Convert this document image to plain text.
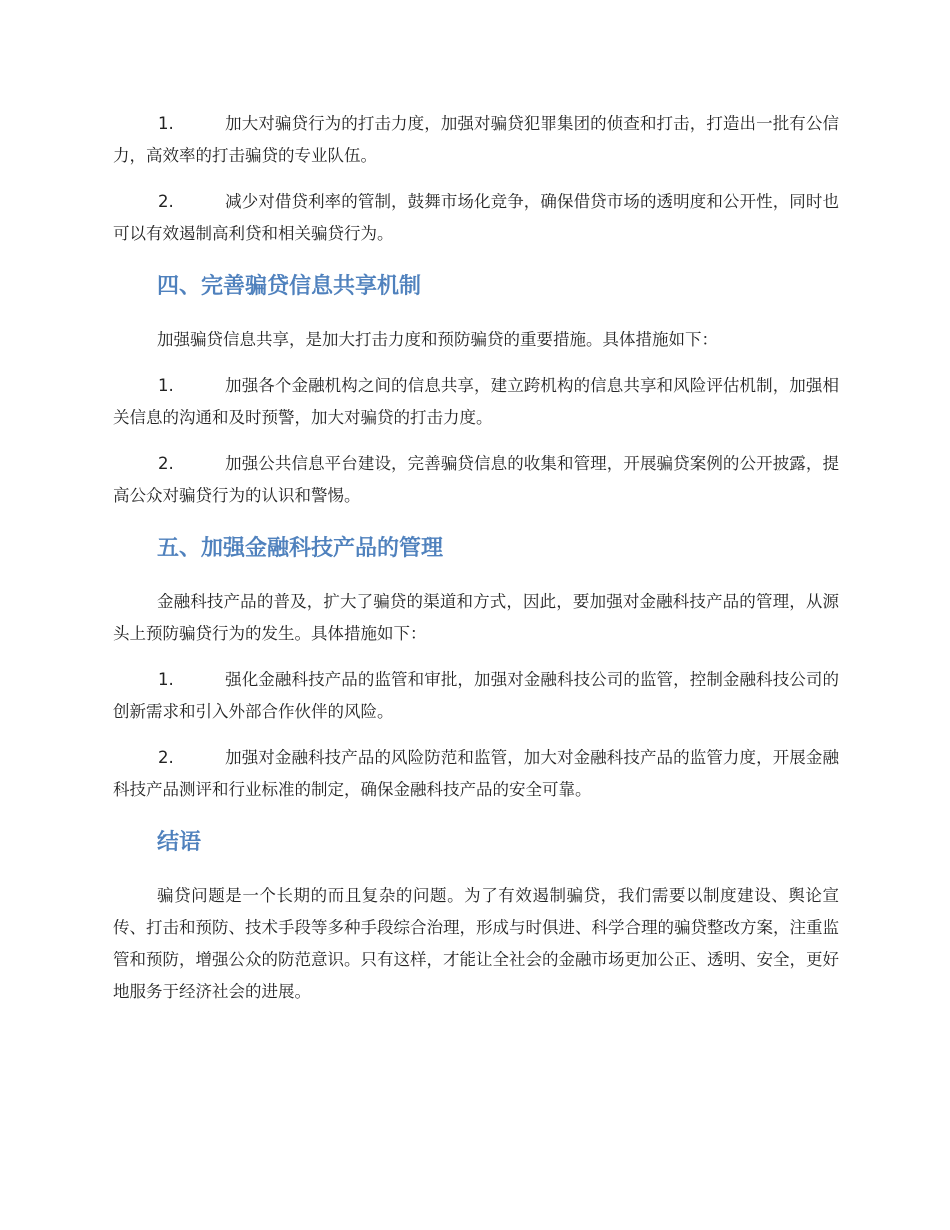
1.	加大对骗贷行为的打击力度，加强对骗贷犯罪集团的侦查和打击，打造出一批有公信力，高效率的打击骗贷的专业队伍。
2.	减少对借贷利率的管制，鼓舞市场化竞争，确保借贷市场的透明度和公开性，同时也可以有效遏制高利贷和相关骗贷行为。
四、完善骗贷信息共享机制
加强骗贷信息共享，是加大打击力度和预防骗贷的重要措施。具体措施如下：
1.	加强各个金融机构之间的信息共享，建立跨机构的信息共享和风险评估机制，加强相关信息的沟通和及时预警，加大对骗贷的打击力度。
2.	加强公共信息平台建设，完善骗贷信息的收集和管理，开展骗贷案例的公开披露，提高公众对骗贷行为的认识和警惕。
五、加强金融科技产品的管理
金融科技产品的普及，扩大了骗贷的渠道和方式，因此，要加强对金融科技产品的管理，从源头上预防骗贷行为的发生。具体措施如下：
1.	强化金融科技产品的监管和审批，加强对金融科技公司的监管，控制金融科技公司的创新需求和引入外部合作伙伴的风险。
2.	加强对金融科技产品的风险防范和监管，加大对金融科技产品的监管力度，开展金融科技产品测评和行业标准的制定，确保金融科技产品的安全可靠。
结语
骗贷问题是一个长期的而且复杂的问题。为了有效遏制骗贷，我们需要以制度建设、舆论宣传、打击和预防、技术手段等多种手段综合治理，形成与时俱进、科学合理的骗贷整改方案，注重监管和预防，增强公众的防范意识。只有这样，才能让全社会的金融市场更加公正、透明、安全，更好地服务于经济社会的进展。
